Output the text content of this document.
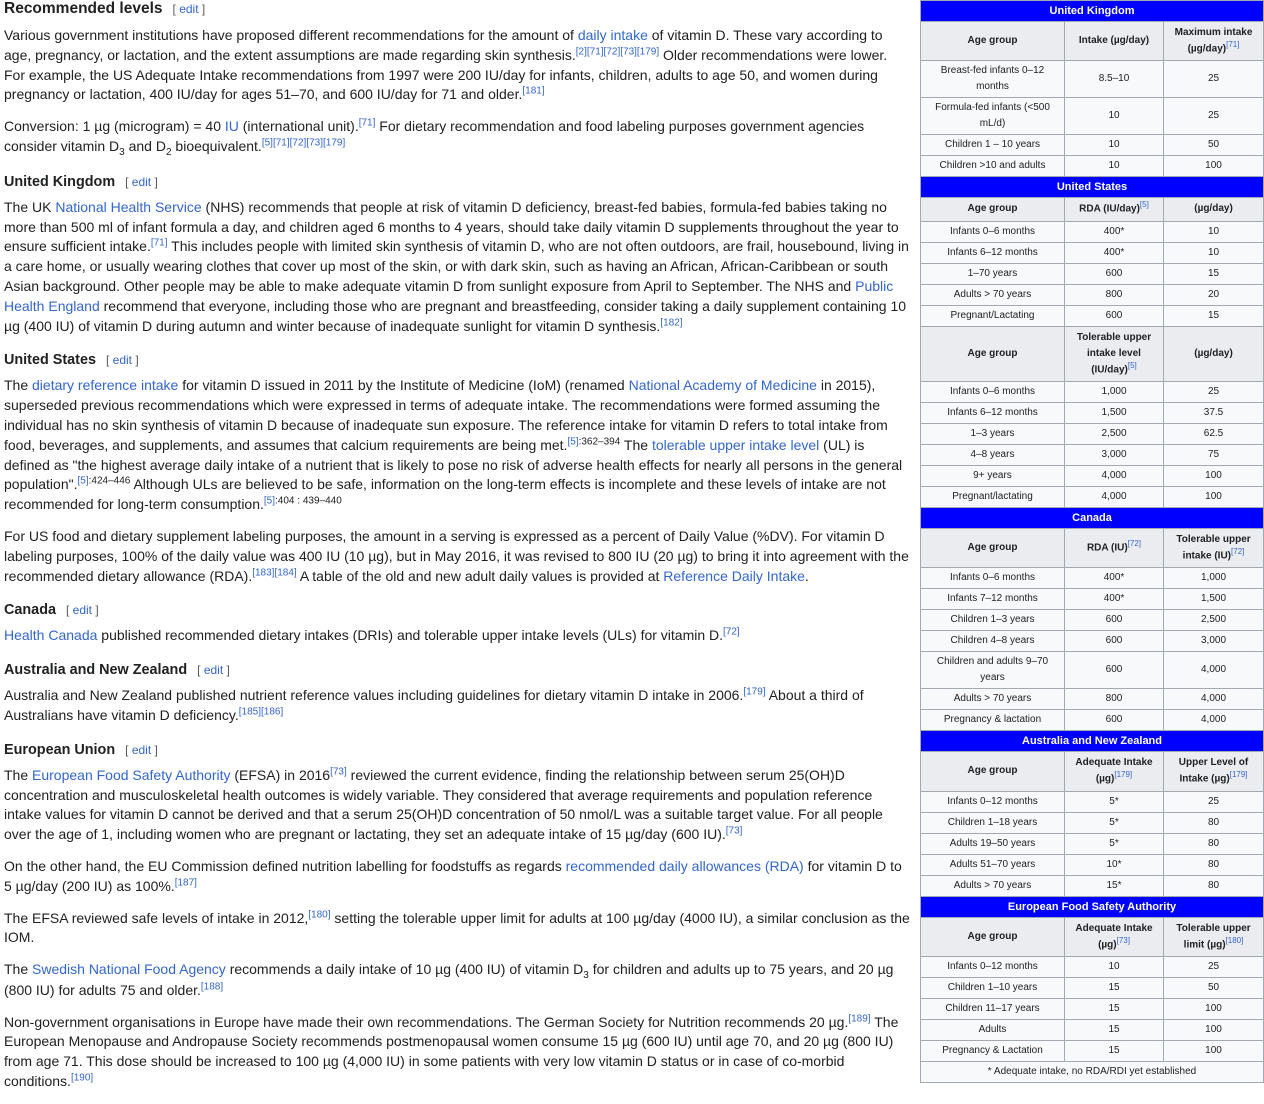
Recommended levels [ edit ]

Various government institutions have proposed different recommendations for the amount of daily intake of vitamin D. These vary according to age, pregnancy, or lactation, and the extent assumptions are made regarding skin synthesis.[2][71][72][73][179] Older recommendations were lower. For example, the US Adequate Intake recommendations from 1997 were 200 IU/day for infants, children, adults to age 50, and women during pregnancy or lactation, 400 IU/day for ages 51–70, and 600 IU/day for 71 and older.[181]

Conversion: 1 µg (microgram) = 40 IU (international unit).[71] For dietary recommendation and food labeling purposes government agencies consider vitamin $D_3$ and $D_2$ bioequivalent.[5][71][72][73][179]

United Kingdom [ edit ]

The UK National Health Service (NHS) recommends that people at risk of vitamin D deficiency, breast-fed babies, formula-fed babies taking no more than 500 ml of infant formula a day, and children aged 6 months to 4 years, should take daily vitamin D supplements throughout the year to ensure sufficient intake.[71] This includes people with limited skin synthesis of vitamin D, who are not often outdoors, are frail, housebound, living in a care home, or usually wearing clothes that cover up most of the skin, or with dark skin, such as having an African, African-Caribbean or south Asian background. Other people may be able to make adequate vitamin D from sunlight exposure from April to September. The NHS and Public Health England recommend that everyone, including those who are pregnant and breastfeeding, consider taking a daily supplement containing 10 µg (400 IU) of vitamin D during autumn and winter because of inadequate sunlight for vitamin D synthesis.[182]

United States [ edit ]

The dietary reference intake for vitamin D issued in 2011 by the Institute of Medicine (IoM) (renamed National Academy of Medicine in 2015), superseded previous recommendations which were expressed in terms of adequate intake. The recommendations were formed assuming the individual has no skin synthesis of vitamin D because of inadequate sun exposure. The reference intake for vitamin D refers to total intake from food, beverages, and supplements, and assumes that calcium requirements are being met.$^{[5]:362-394}$ The tolerable upper intake level (UL) is defined as "the highest average daily intake of a nutrient that is likely to pose no risk of adverse health effects for nearly all persons in the general population".$^{[5]:424-446}$ Although ULs are believed to be safe, information on the long-term effects is incomplete and these levels of intake are not recommended for long-term consumption.$^{[5]:404 : 439-440}$

For US food and dietary supplement labeling purposes, the amount in a serving is expressed as a percent of Daily Value (%DV). For vitamin D labeling purposes, 100% of the daily value was 400 IU (10 µg), but in May 2016, it was revised to 800 IU (20 µg) to bring it into agreement with the recommended dietary allowance (RDA).[183][184] A table of the old and new adult daily values is provided at Reference Daily Intake.

Canada [ edit ]

Health Canada published recommended dietary intakes (DRIs) and tolerable upper intake levels (ULs) for vitamin D.[72]

Australia and New Zealand [ edit ]

Australia and New Zealand published nutrient reference values including guidelines for dietary vitamin D intake in 2006.[179] About a third of Australians have vitamin D deficiency.[185][186]

European Union [ edit ]

The European Food Safety Authority (EFSA) in 2016[73] reviewed the current evidence, finding the relationship between serum 25(OH)D concentration and musculoskeletal health outcomes is widely variable. They considered that average requirements and population reference intake values for vitamin D cannot be derived and that a serum 25(OH)D concentration of 50 nmol/L was a suitable target value. For all people over the age of 1, including women who are pregnant or lactating, they set an adequate intake of 15 µg/day (600 IU).[73]

On the other hand, the EU Commission defined nutrition labelling for foodstuffs as regards recommended daily allowances (RDA) for vitamin D to 5 µg/day (200 IU) as 100%.[187]

The EFSA reviewed safe levels of intake in 2012,[180] setting the tolerable upper limit for adults at 100 µg/day (4000 IU), a similar conclusion as the IOM.

The Swedish National Food Agency recommends a daily intake of 10 µg (400 IU) of vitamin $D_3$ for children and adults up to 75 years, and 20 µg (800 IU) for adults 75 and older.[188]

Non-government organisations in Europe have made their own recommendations. The German Society for Nutrition recommends 20 µg.[189] The European Menopause and Andropause Society recommends postmenopausal women consume 15 µg (600 IU) until age 70, and 20 µg (800 IU) from age 71. This dose should be increased to 100 µg (4,000 IU) in some patients with very low vitamin D status or in case of co-morbid conditions.[190]

United Kingdom		
Age group	Intake (µg/day)	Maximum intake (µg/day)[71]
Breast-fed infants 0–12 months	8.5–10	25
Formula-fed infants (<500 mL/d)	10	25
Children 1 – 10 years	10	50
Children >10 and adults	10	100
United States		
Age group	RDA (IU/day)[5]	(µg/day)
Infants 0–6 months	400*	10
Infants 6–12 months	400*	10
1–70 years	600	15
Adults > 70 years	800	20
Pregnant/Lactating	600	15
Age group	Tolerable upper intake level (IU/day)[5]	(µg/day)
Infants 0–6 months	1,000	25
Infants 6–12 months	1,500	37.5
1–3 years	2,500	62.5
4–8 years	3,000	75
9+ years	4,000	100
Pregnant/lactating	4,000	100
Canada		
Age group	RDA (IU)[72]	Tolerable upper intake (IU)[72]
Infants 0–6 months	400*	1,000
Infants 7–12 months	400*	1,500
Children 1–3 years	600	2,500
Children 4–8 years	600	3,000
Children and adults 9–70 years	600	4,000
Adults > 70 years	800	4,000
Pregnancy & lactation	600	4,000
Australia and New Zealand		
Age group	Adequate Intake (µg)[179]	Upper Level of Intake (µg)[179]
Infants 0–12 months	5*	25
Children 1–18 years	5*	80
Adults 19–50 years	5*	80
Adults 51–70 years	10*	80
Adults > 70 years	15*	80
European Food Safety Authority		
Age group	Adequate Intake (µg)[73]	Tolerable upper limit (µg)[180]
Infants 0–12 months	10	25
Children 1–10 years	15	50
Children 11–17 years	15	100
Adults	15	100
Pregnancy & Lactation	15	100
* Adequate intake, no RDA/RDI yet established		
